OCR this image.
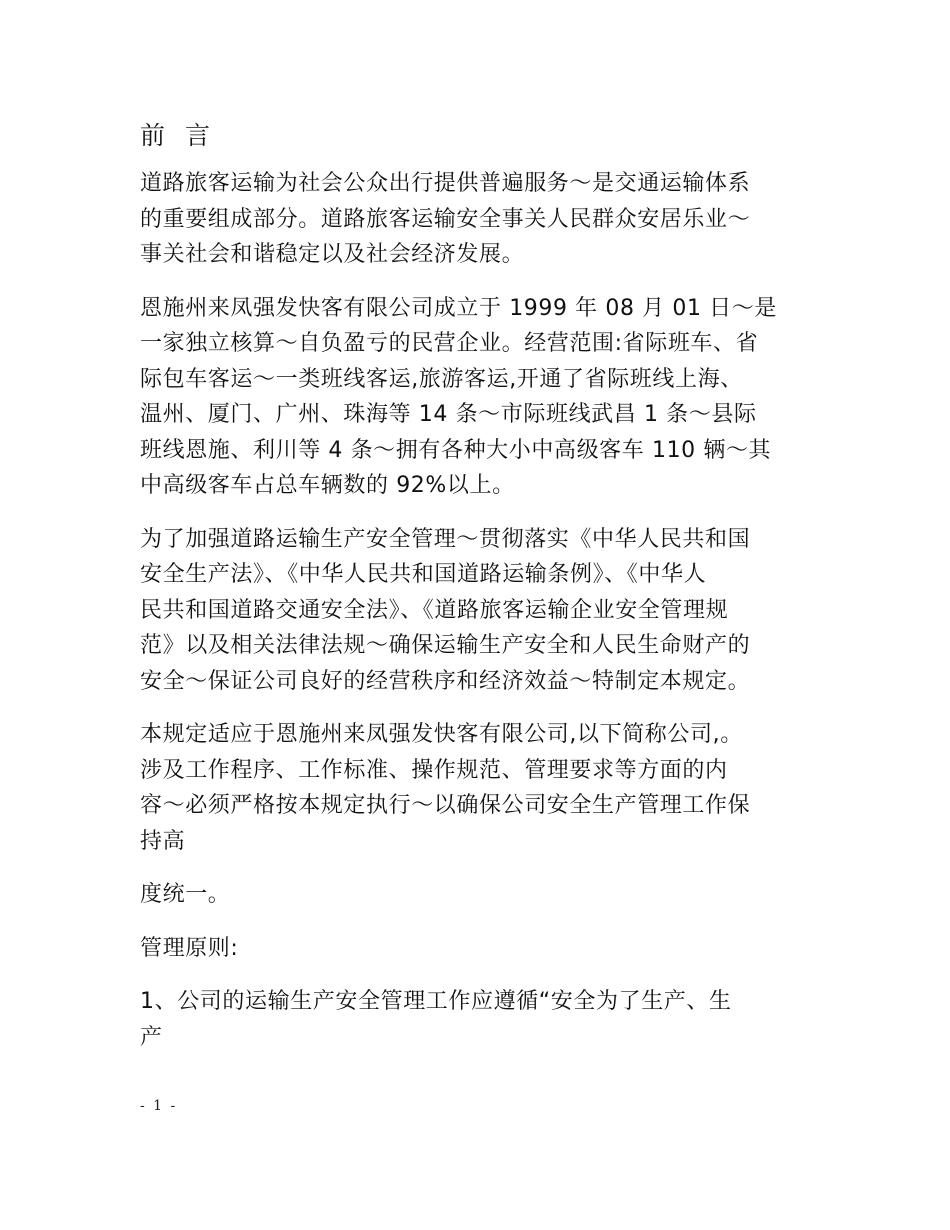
前 言

道路旅客运输为社会公众出行提供普遍服务～是交通运输体系
的重要组成部分。道路旅客运输安全事关人民群众安居乐业～
事关社会和谐稳定以及社会经济发展。

恩施州来凤强发快客有限公司成立于 1999 年 08 月 01 日～是
一家独立核算～自负盈亏的民营企业。经营范围:省际班车、省
际包车客运～一类班线客运,旅游客运,开通了省际班线上海、
温州、厦门、广州、珠海等 14 条～市际班线武昌 1 条～县际
班线恩施、利川等 4 条～拥有各种大小中高级客车 110 辆～其
中高级客车占总车辆数的 92%以上。

为了加强道路运输生产安全管理～贯彻落实《中华人民共和国
安全生产法》、《中华人民共和国道路运输条例》、《中华人
民共和国道路交通安全法》、《道路旅客运输企业安全管理规
范》以及相关法律法规～确保运输生产安全和人民生命财产的
安全～保证公司良好的经营秩序和经济效益～特制定本规定。

本规定适应于恩施州来凤强发快客有限公司,以下简称公司,。
涉及工作程序、工作标准、操作规范、管理要求等方面的内
容～必须严格按本规定执行～以确保公司安全生产管理工作保
持高

度统一。

管理原则:

1、公司的运输生产安全管理工作应遵循“安全为了生产、生
产

- 1 -
